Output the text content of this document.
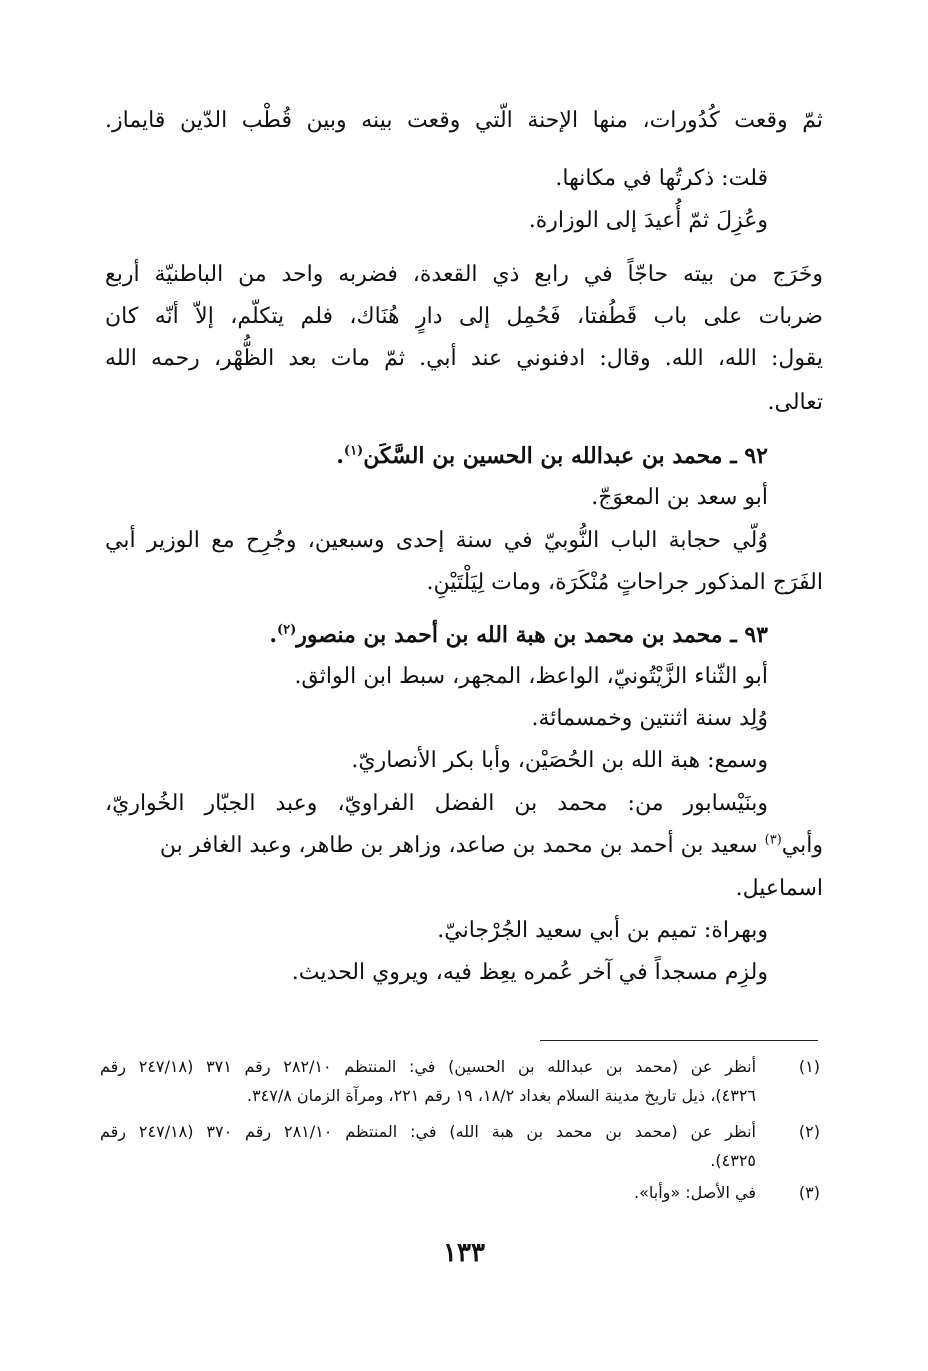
ثمّ وقعت كُدُورات، منها الإحنة الّتي وقعت بينه وبين قُطْب الدّين قايماز.
قلت: ذكرتُها في مكانها.
وعُزِلَ ثمّ أُعيدَ إلى الوزارة.
وخَرَج من بيته حاجّاً في رابع ذي القعدة، فضربه واحد من الباطنيّة أربع
ضربات على باب قَطُفتا، فَحُمِل إلى دارٍ هُنَاك، فلم يتكلّم، إلاّ أنّه كان
يقول: الله، الله. وقال: ادفنوني عند أبي. ثمّ مات بعد الظُّهْر، رحمه الله
تعالى.
٩٢ ـ محمد بن عبدالله بن الحسين بن السَّكَن$^{(١)}$.
أبو سعد بن المعوَجّ.
وُلّي حجابة الباب النُّوبيّ في سنة إحدى وسبعين، وجُرِح مع الوزير أبي
الفَرَج المذكور جراحاتٍ مُنْكَرَة، ومات لِيَلْتَيْنِ.
٩٣ ـ محمد بن محمد بن هبة الله بن أحمد بن منصور$^{(٢)}$.
أبو الثّناء الزَّيْتُونيّ، الواعظ، المجهر، سبط ابن الواثق.
وُلِد سنة اثنتين وخمسمائة.
وسمع: هبة الله بن الحُصَيْن، وأبا بكر الأنصاريّ.
وبنَيْسابور من: محمد بن الفضل الفراويّ، وعبد الجبّار الخُواريّ،
وأبي$^{(٣)}$ سعيد بن أحمد بن محمد بن صاعد، وزاهر بن طاهر، وعبد الغافر بن
اسماعيل.
وبهراة: تميم بن أبي سعيد الجُرْجانيّ.
ولزِم مسجداً في آخر عُمره يعِظ فيه، ويروي الحديث.
(١)
أنظر عن (محمد بن عبدالله بن الحسين) في: المنتظم ٢٨٢/١٠ رقم ٣٧١ (٢٤٧/١٨ رقم
٤٣٢٦)، ذيل تاريخ مدينة السلام بغداد ١٨/٢، ١٩ رقم ٢٢١، ومرآة الزمان ٣٤٧/٨.
(٢)
أنظر عن (محمد بن محمد بن هبة الله) في: المنتظم ٢٨١/١٠ رقم ٣٧٠ (٢٤٧/١٨ رقم
٤٣٢٥).
(٣)
في الأصل: «وأبا».
١٣٣
